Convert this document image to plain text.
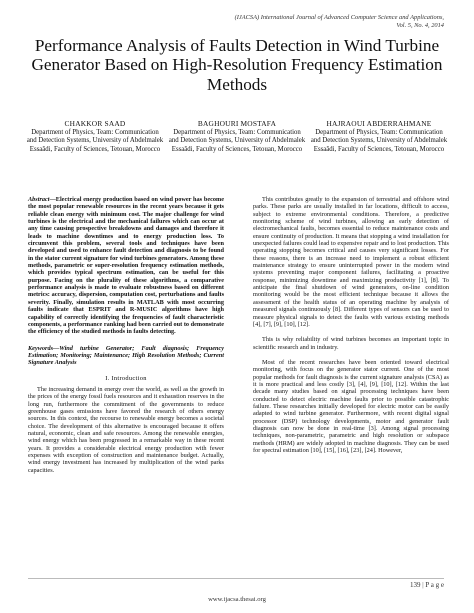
(IJACSA) International Journal of Advanced Computer Science and Applications,
Vol. 5, No. 4, 2014
Performance Analysis of Faults Detection in Wind Turbine Generator Based on High-Resolution Frequency Estimation Methods
CHAKKOR SAAD
Department of Physics, Team: Communication and Detection Systems, University of Abdelmalek Essaâdi, Faculty of Sciences, Tetouan, Morocco
BAGHOURI MOSTAFA
Department of Physics, Team: Communication and Detection Systems, University of Abdelmalek Essaâdi, Faculty of Sciences, Tetouan, Morocco
HAJRAOUI ABDERRAHMANE
Department of Physics, Team: Communication and Detection Systems, University of Abdelmalek Essaâdi, Faculty of Sciences, Tetouan, Morocco
Abstract—Electrical energy production based on wind power has become the most popular renewable resources in the recent years because it gets reliable clean energy with minimum cost. The major challenge for wind turbines is the electrical and the mechanical failures which can occur at any time causing prospective breakdowns and damages and therefore it leads to machine downtimes and to energy production loss. To circumvent this problem, several tools and techniques have been developed and used to enhance fault detection and diagnosis to be found in the stator current signature for wind turbines generators. Among these methods, parametric or super-resolution frequency estimation methods, which provides typical spectrum estimation, can be useful for this purpose. Facing on the plurality of these algorithms, a comparative performance analysis is made to evaluate robustness based on different metrics: accuracy, dispersion, computation cost, perturbations and faults severity. Finally, simulation results in MATLAB with most occurring faults indicate that ESPRIT and R-MUSIC algorithms have high capability of correctly identifying the frequencies of fault characteristic components, a performance ranking had been carried out to demonstrate the efficiency of the studied methods in faults detecting.
Keywords—Wind turbine Generator; Fault diagnosis; Frequency Estimation; Monitoring; Maintenance; High Resolution Methods; Current Signature Analysis
I. Introduction

The increasing demand in energy over the world, as well as the growth in the prices of the energy fossil fuels resources and it exhaustion reserves in the long run, furthermore the commitment of the governments to reduce greenhouse gases emissions have favored the research of others energy sources. In this context, the recourse to renewable energy becomes a societal choice. The development of this alternative is encouraged because it offers natural, economic, clean and safe resources. Among the renewable energies, wind energy which has been progressed in a remarkable way in these recent years. It provides a considerable electrical energy production with fewer expenses with exception of construction and maintenance budget. Actually, wind energy investment has increased by multiplication of the wind parks capacities.

This contributes greatly to the expansion of terrestrial and offshore wind parks. These parks are usually installed in far locations, difficult to access, subject to extreme environmental conditions. Therefore, a predictive monitoring scheme of wind turbines, allowing an early detection of electromechanical faults, becomes essential to reduce maintenance costs and ensure continuity of production. It means that stopping a wind installation for unexpected failures could lead to expensive repair and to lost production. This operating stopping becomes critical and causes very significant losses. For these reasons, there is an increase need to implement a robust efficient maintenance strategy to ensure uninterrupted power in the modern wind systems preventing major component failures, facilitating a proactive response, minimizing downtime and maximizing productivity [1], [8]. To anticipate the final shutdown of wind generators, on-line condition monitoring would be the most efficient technique because it allows the assessment of the health status of an operating machine by analysis of measured signals continuously [8]. Different types of sensors can be used to measure physical signals to detect the faults with various existing methods [4], [7], [9], [10], [12].

This is why reliability of wind turbines becomes an important topic in scientific research and in industry.

Most of the recent researches have been oriented toward electrical monitoring, with focus on the generator stator current. One of the most popular methods for fault diagnosis is the current signature analysis (CSA) as it is more practical and less costly [3], [4], [9], [10], [12]. Within the last decade many studies based on signal processing techniques have been conducted to detect electric machine faults prior to possible catastrophic failure. These researches initially developed for electric motor can be easily adapted to wind turbine generator. Furthermore, with recent digital signal processor (DSP) technology developments, motor and generator fault diagnosis can now be done in real-time [3]. Among signal processing techniques, non-parametric, parametric and high resolution or subspace methods (HRM) are widely adopted in machine diagnosis. They can be used for spectral estimation [10], [15], [16], [23], [24]. However,

139 | P a g e
www.ijacsa.thesai.org
